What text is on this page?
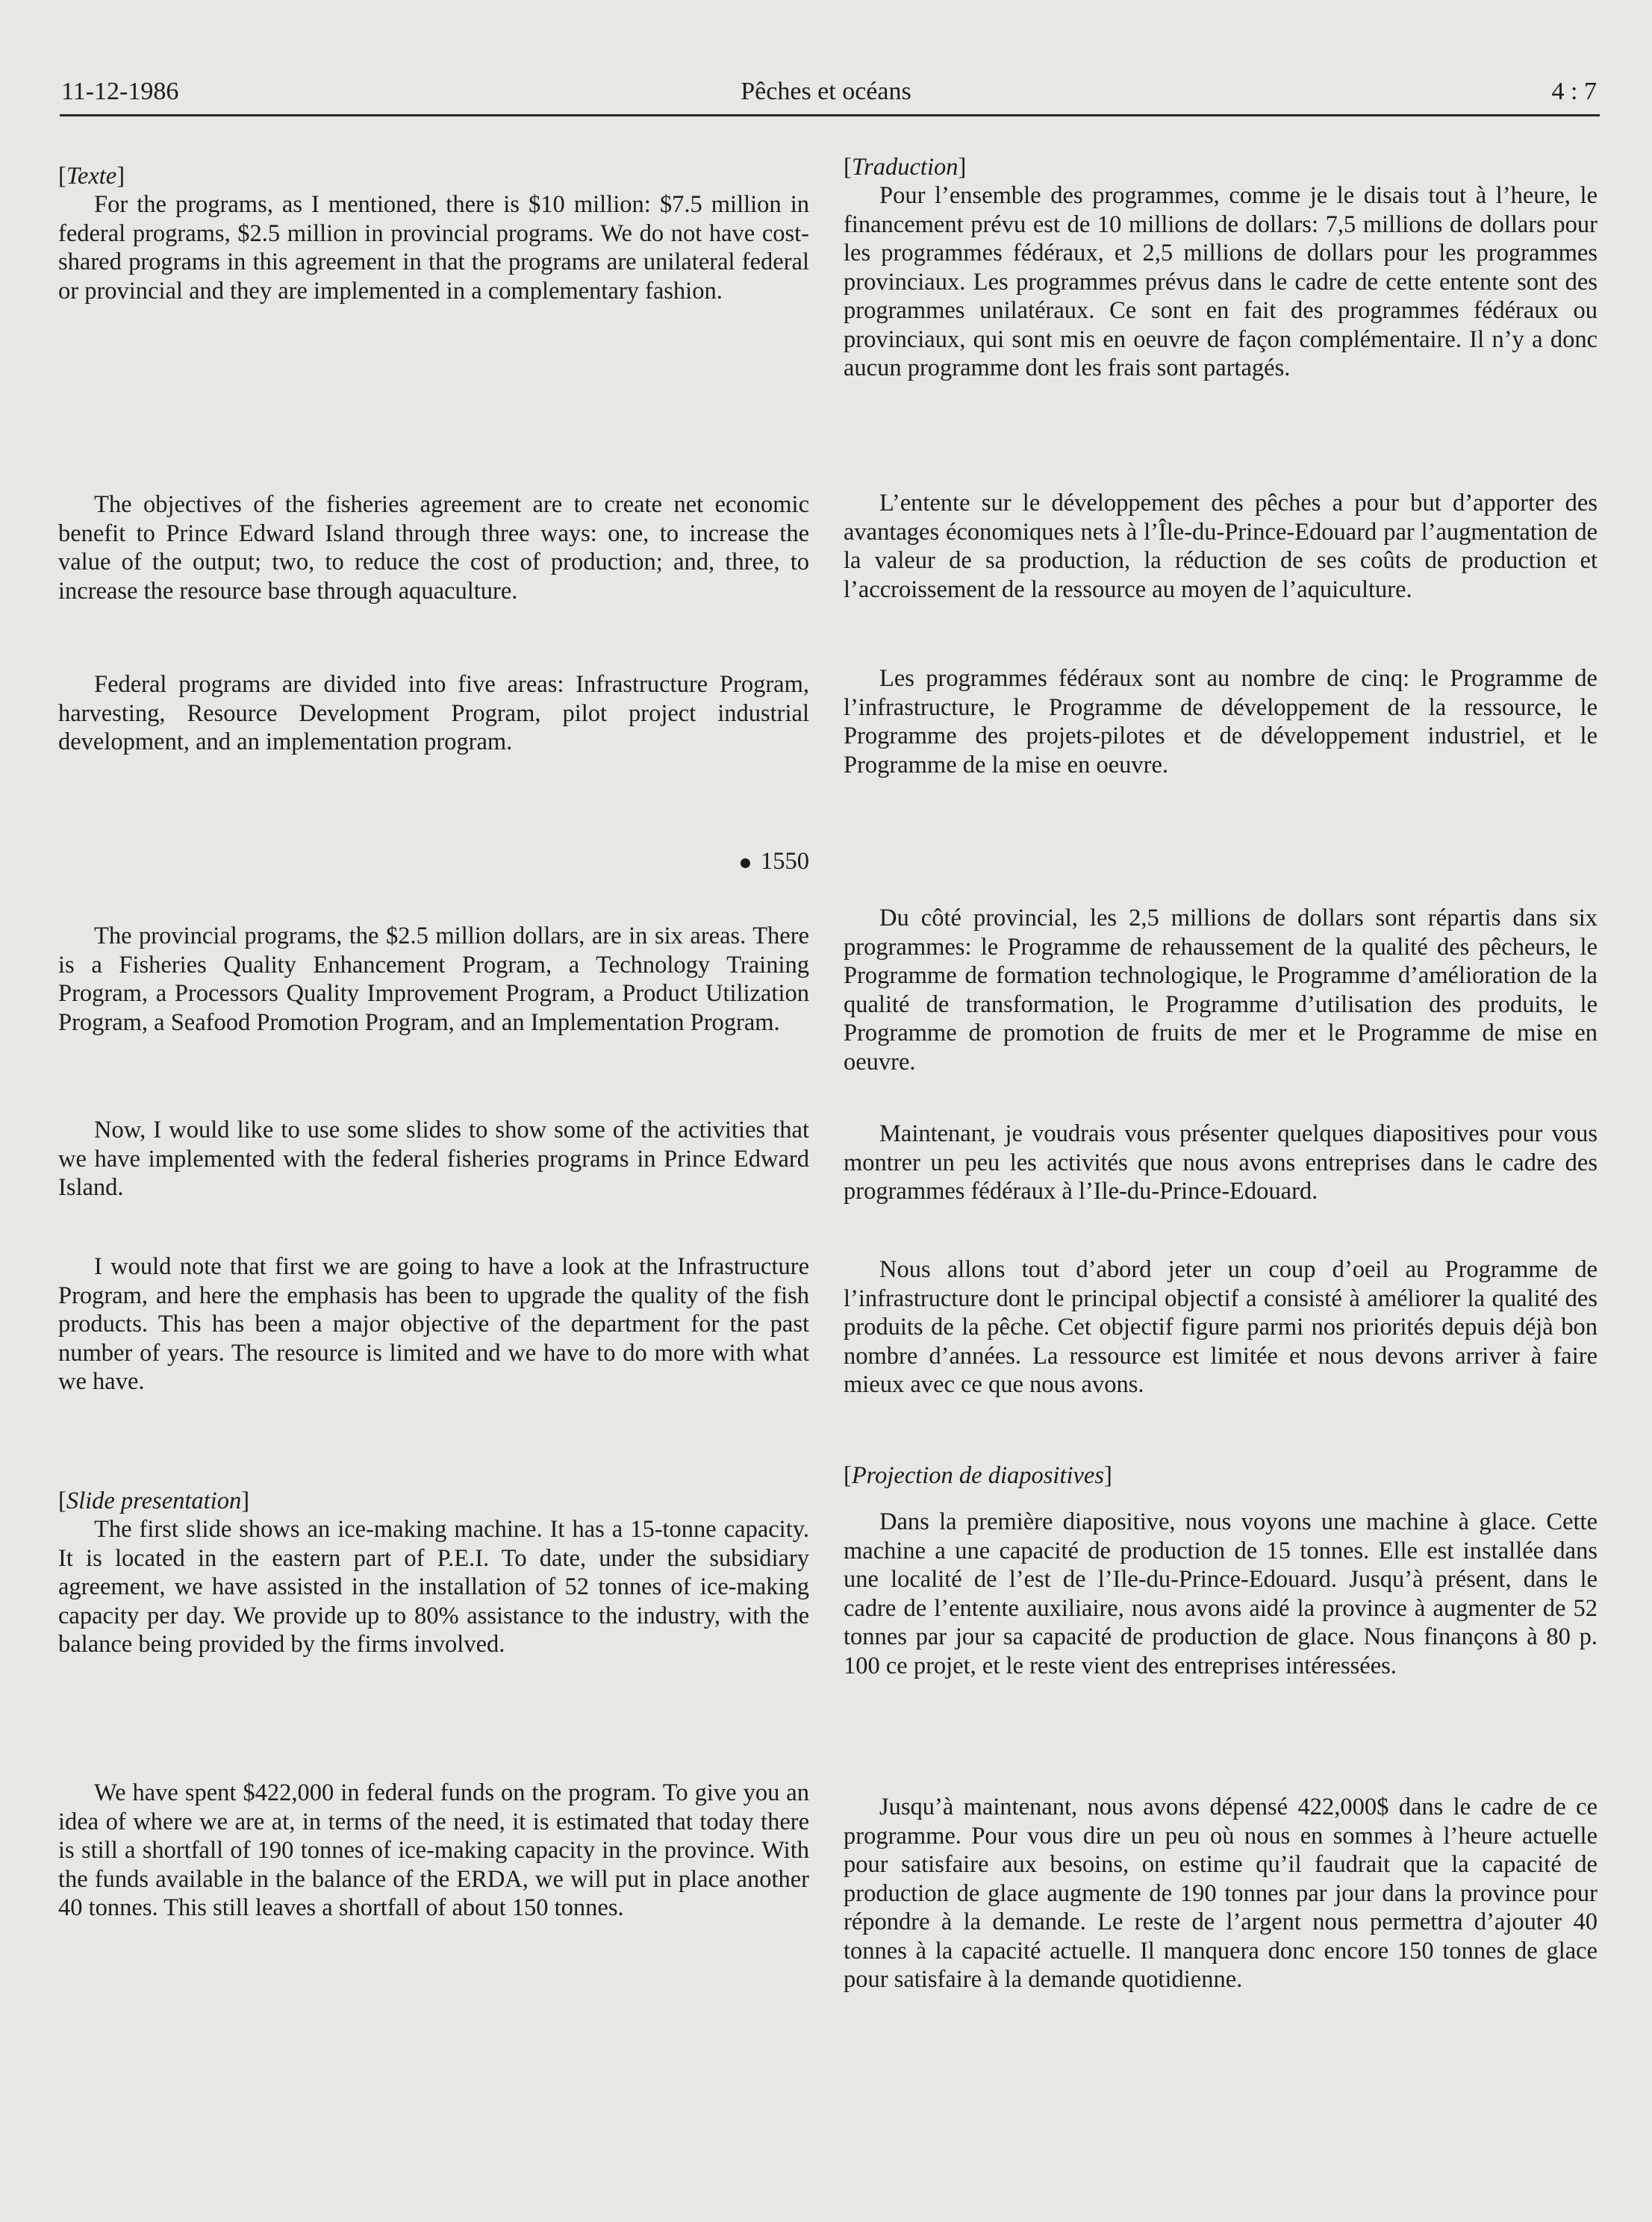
11-12-1986	Pêches et océans	4 : 7
[Texte]

For the programs, as I mentioned, there is $10 million: $7.5 million in federal programs, $2.5 million in provincial programs. We do not have cost-shared programs in this agreement in that the programs are unilateral federal or provincial and they are implemented in a complementary fashion.

The objectives of the fisheries agreement are to create net economic benefit to Prince Edward Island through three ways: one, to increase the value of the output; two, to reduce the cost of production; and, three, to increase the resource base through aquaculture.

Federal programs are divided into five areas: Infrastructure Program, harvesting, Resource Development Program, pilot project industrial development, and an implementation program.

1550

The provincial programs, the $2.5 million dollars, are in six areas. There is a Fisheries Quality Enhancement Program, a Technology Training Program, a Processors Quality Improvement Program, a Product Utilization Program, a Seafood Promotion Program, and an Implementation Program.

Now, I would like to use some slides to show some of the activities that we have implemented with the federal fisheries programs in Prince Edward Island.

I would note that first we are going to have a look at the Infrastructure Program, and here the emphasis has been to upgrade the quality of the fish products. This has been a major objective of the department for the past number of years. The resource is limited and we have to do more with what we have.

[Slide presentation]

The first slide shows an ice-making machine. It has a 15-tonne capacity. It is located in the eastern part of P.E.I. To date, under the subsidiary agreement, we have assisted in the installation of 52 tonnes of ice-making capacity per day. We provide up to 80% assistance to the industry, with the balance being provided by the firms involved.

We have spent $422,000 in federal funds on the program. To give you an idea of where we are at, in terms of the need, it is estimated that today there is still a shortfall of 190 tonnes of ice-making capacity in the province. With the funds available in the balance of the ERDA, we will put in place another 40 tonnes. This still leaves a shortfall of about 150 tonnes.

[Traduction]

Pour l’ensemble des programmes, comme je le disais tout à l’heure, le financement prévu est de 10 millions de dollars: 7,5 millions de dollars pour les programmes fédéraux, et 2,5 millions de dollars pour les programmes provinciaux. Les programmes prévus dans le cadre de cette entente sont des programmes unilatéraux. Ce sont en fait des programmes fédéraux ou provinciaux, qui sont mis en oeuvre de façon complémentaire. Il n’y a donc aucun programme dont les frais sont partagés.

L’entente sur le développement des pêches a pour but d’apporter des avantages économiques nets à l’Île-du-Prince-Edouard par l’augmentation de la valeur de sa production, la réduction de ses coûts de production et l’accroissement de la ressource au moyen de l’aquiculture.

Les programmes fédéraux sont au nombre de cinq: le Programme de l’infrastructure, le Programme de développement de la ressource, le Programme des projets-pilotes et de développement industriel, et le Programme de la mise en oeuvre.

Du côté provincial, les 2,5 millions de dollars sont répartis dans six programmes: le Programme de rehaussement de la qualité des pêcheurs, le Programme de formation technologique, le Programme d’amélioration de la qualité de transformation, le Programme d’utilisation des produits, le Programme de promotion de fruits de mer et le Programme de mise en oeuvre.

Maintenant, je voudrais vous présenter quelques diapositives pour vous montrer un peu les activités que nous avons entreprises dans le cadre des programmes fédéraux à l’Ile-du-Prince-Edouard.

Nous allons tout d’abord jeter un coup d’oeil au Programme de l’infrastructure dont le principal objectif a consisté à améliorer la qualité des produits de la pêche. Cet objectif figure parmi nos priorités depuis déjà bon nombre d’années. La ressource est limitée et nous devons arriver à faire mieux avec ce que nous avons.

[Projection de diapositives]

Dans la première diapositive, nous voyons une machine à glace. Cette machine a une capacité de production de 15 tonnes. Elle est installée dans une localité de l’est de l’Ile-du-Prince-Edouard. Jusqu’à présent, dans le cadre de l’entente auxiliaire, nous avons aidé la province à augmenter de 52 tonnes par jour sa capacité de production de glace. Nous finançons à 80 p. 100 ce projet, et le reste vient des entreprises intéressées.

Jusqu’à maintenant, nous avons dépensé 422,000$ dans le cadre de ce programme. Pour vous dire un peu où nous en sommes à l’heure actuelle pour satisfaire aux besoins, on estime qu’il faudrait que la capacité de production de glace augmente de 190 tonnes par jour dans la province pour répondre à la demande. Le reste de l’argent nous permettra d’ajouter 40 tonnes à la capacité actuelle. Il manquera donc encore 150 tonnes de glace pour satisfaire à la demande quotidienne.
